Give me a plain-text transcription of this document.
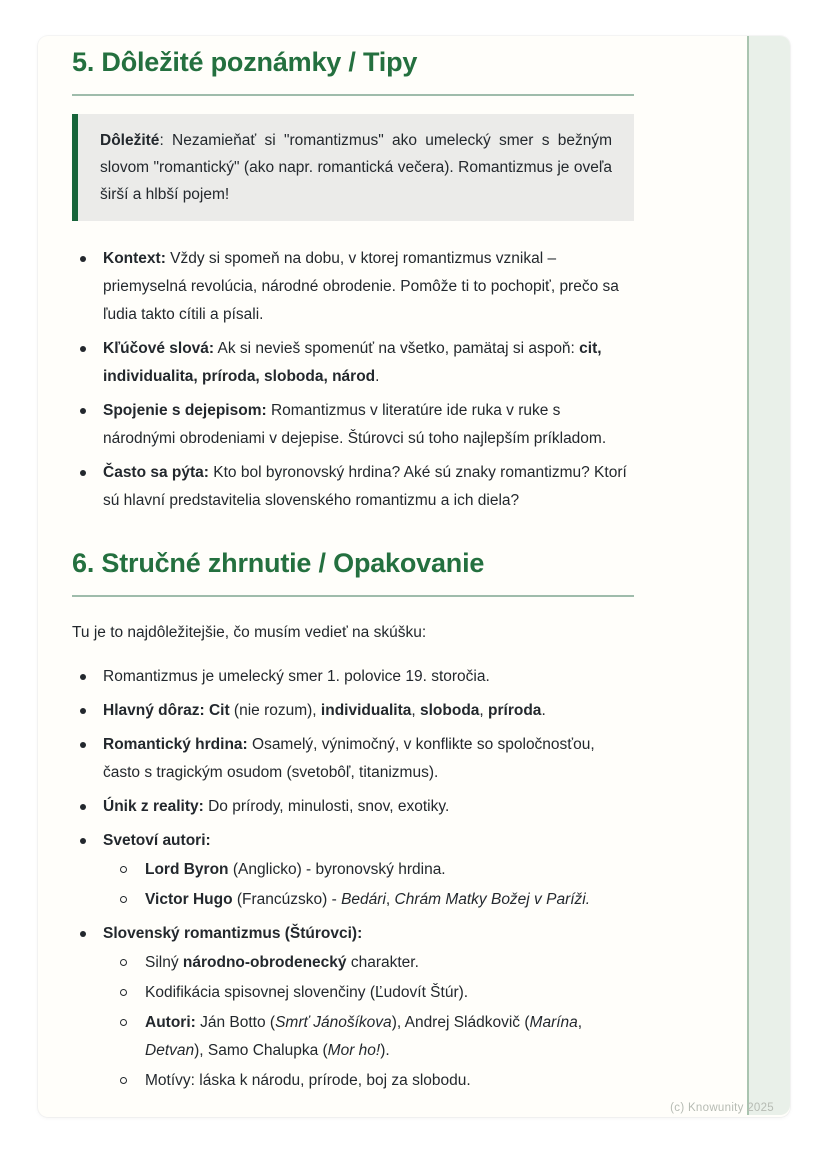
5. Dôležité poznámky / Tipy

Dôležité: Nezamieňať si "romantizmus" ako umelecký smer s bežným slovom "romantický" (ako napr. romantická večera). Romantizmus je oveľa širší a hlbší pojem!

Kontext: Vždy si spomeň na dobu, v ktorej romantizmus vznikal – priemyselná revolúcia, národné obrodenie. Pomôže ti to pochopiť, prečo sa ľudia takto cítili a písali.
Kľúčové slová: Ak si nevieš spomenúť na všetko, pamätaj si aspoň: cit, individualita, príroda, sloboda, národ.
Spojenie s dejepisom: Romantizmus v literatúre ide ruka v ruke s národnými obrodeniami v dejepise. Štúrovci sú toho najlepším príkladom.
Často sa pýta: Kto bol byronovský hrdina? Aké sú znaky romantizmu? Ktorí sú hlavní predstavitelia slovenského romantizmu a ich diela?
6. Stručné zhrnutie / Opakovanie

Tu je to najdôležitejšie, čo musím vedieť na skúšku:

Romantizmus je umelecký smer 1. polovice 19. storočia.
Hlavný dôraz: Cit (nie rozum), individualita, sloboda, príroda.
Romantický hrdina: Osamelý, výnimočný, v konflikte so spoločnosťou, často s tragickým osudom (svetobôľ, titanizmus).
Únik z reality: Do prírody, minulosti, snov, exotiky.
Svetoví autori:
Lord Byron (Anglicko) - byronovský hrdina.
Victor Hugo (Francúzsko) - Bedári, Chrám Matky Božej v Paríži.
Slovenský romantizmus (Štúrovci):
Silný národno-obrodenecký charakter.
Kodifikácia spisovnej slovenčiny (Ľudovít Štúr).
Autori: Ján Botto (Smrť Jánošíkova), Andrej Sládkovič (Marína, Detvan), Samo Chalupka (Mor ho!).
Motívy: láska k národu, prírode, boj za slobodu.
(c) Knowunity 2025
